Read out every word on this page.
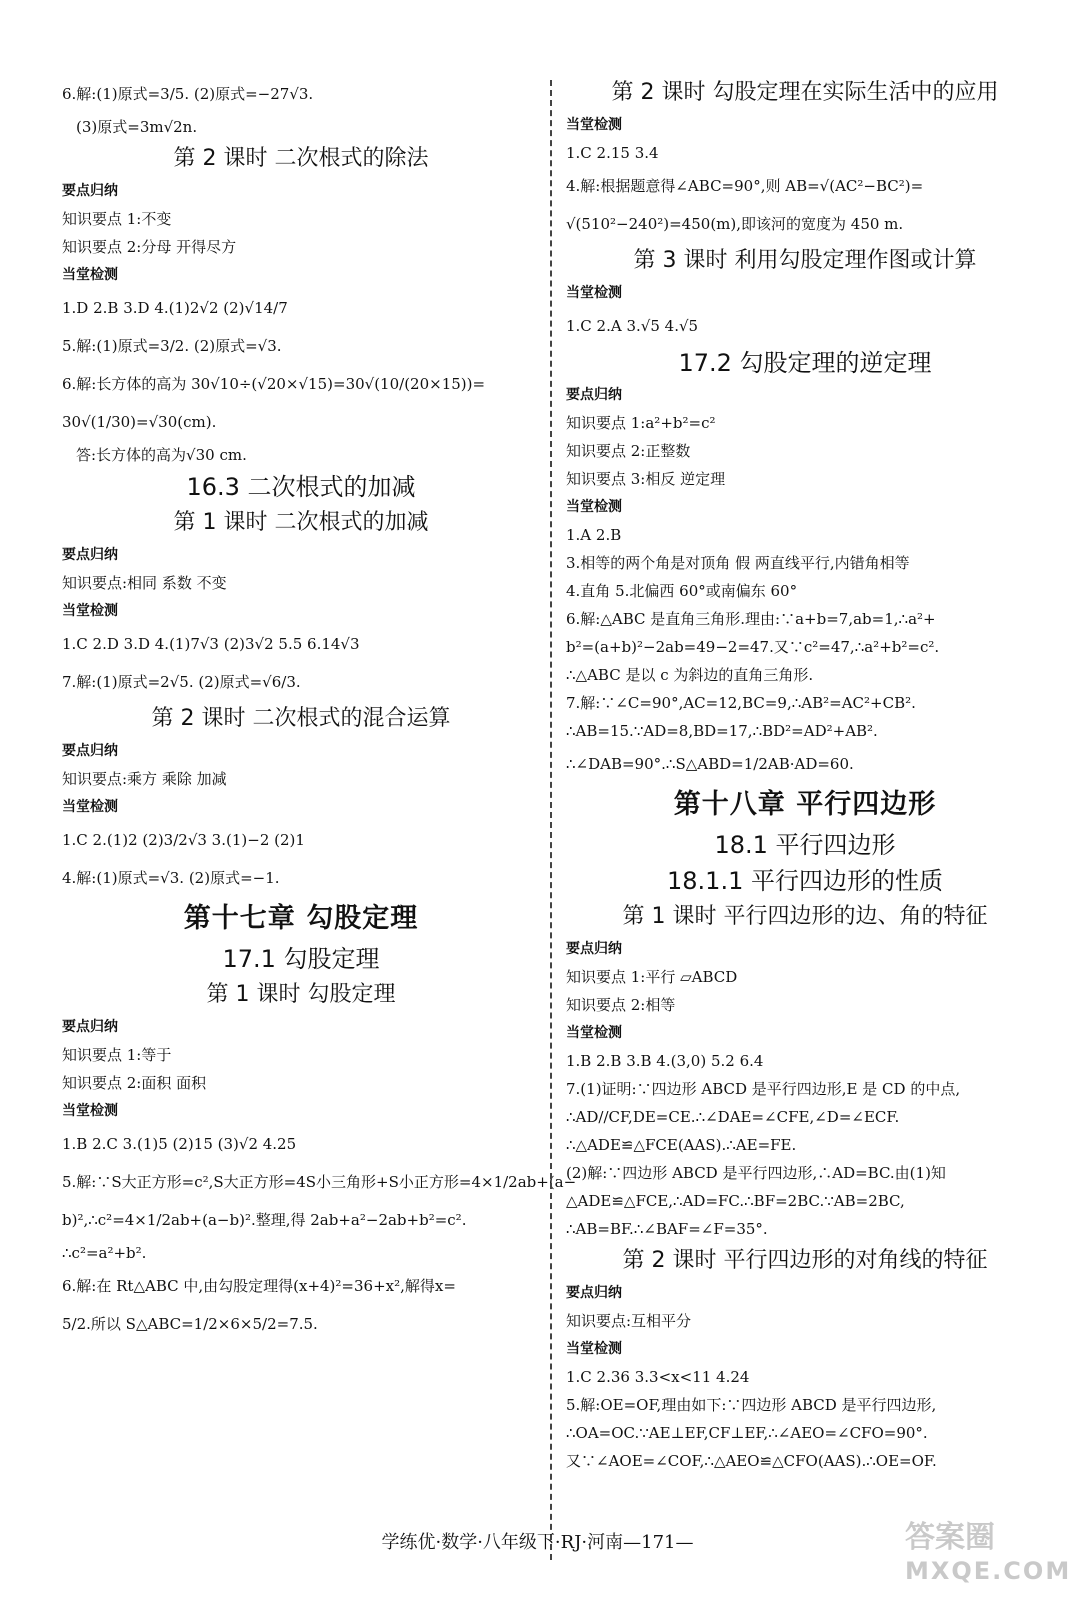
6.解:(1)原式=3/5. (2)原式=−27√3.
(3)原式=3m√2n.
第 2 课时 二次根式的除法
要点归纳
知识要点 1:不变
知识要点 2:分母 开得尽方
当堂检测
1.D 2.B 3.D 4.(1)2√2 (2)√14/7
5.解:(1)原式=3/2. (2)原式=√3.
6.解:长方体的高为 30√10÷(√20×√15)=30√(10/(20×15))=
30√(1/30)=√30(cm).
答:长方体的高为√30 cm.
16.3 二次根式的加减
第 1 课时 二次根式的加减
要点归纳
知识要点:相同 系数 不变
当堂检测
1.C 2.D 3.D 4.(1)7√3 (2)3√2 5.5 6.14√3
7.解:(1)原式=2√5. (2)原式=√6/3.
第 2 课时 二次根式的混合运算
要点归纳
知识要点:乘方 乘除 加减
当堂检测
1.C 2.(1)2 (2)3/2√3 3.(1)−2 (2)1
4.解:(1)原式=√3. (2)原式=−1.
第十七章 勾股定理
17.1 勾股定理
第 1 课时 勾股定理
要点归纳
知识要点 1:等于
知识要点 2:面积 面积
当堂检测
1.B 2.C 3.(1)5 (2)15 (3)√2 4.25
5.解:∵S大正方形=c²,S大正方形=4S小三角形+S小正方形=4×1/2ab+(a−
b)²,∴c²=4×1/2ab+(a−b)².整理,得 2ab+a²−2ab+b²=c².
∴c²=a²+b².
6.解:在 Rt△ABC 中,由勾股定理得(x+4)²=36+x²,解得x=
5/2.所以 S△ABC=1/2×6×5/2=7.5.
第 2 课时 勾股定理在实际生活中的应用
当堂检测
1.C 2.15 3.4
4.解:根据题意得∠ABC=90°,则 AB=√(AC²−BC²)=
√(510²−240²)=450(m),即该河的宽度为 450 m.
第 3 课时 利用勾股定理作图或计算
当堂检测
1.C 2.A 3.√5 4.√5
17.2 勾股定理的逆定理
要点归纳
知识要点 1:a²+b²=c²
知识要点 2:正整数
知识要点 3:相反 逆定理
当堂检测
1.A 2.B
3.相等的两个角是对顶角 假 两直线平行,内错角相等
4.直角 5.北偏西 60°或南偏东 60°
6.解:△ABC 是直角三角形.理由:∵a+b=7,ab=1,∴a²+
b²=(a+b)²−2ab=49−2=47.又∵c²=47,∴a²+b²=c².
∴△ABC 是以 c 为斜边的直角三角形.
7.解:∵∠C=90°,AC=12,BC=9,∴AB²=AC²+CB².
∴AB=15.∵AD=8,BD=17,∴BD²=AD²+AB².
∴∠DAB=90°.∴S△ABD=1/2AB·AD=60.
第十八章 平行四边形
18.1 平行四边形
18.1.1 平行四边形的性质
第 1 课时 平行四边形的边、角的特征
要点归纳
知识要点 1:平行 ▱ABCD
知识要点 2:相等
当堂检测
1.B 2.B 3.B 4.(3,0) 5.2 6.4
7.(1)证明:∵四边形 ABCD 是平行四边形,E 是 CD 的中点,
∴AD//CF,DE=CE.∴∠DAE=∠CFE,∠D=∠ECF.
∴△ADE≌△FCE(AAS).∴AE=FE.
(2)解:∵四边形 ABCD 是平行四边形,∴AD=BC.由(1)知
△ADE≌△FCE,∴AD=FC.∴BF=2BC.∵AB=2BC,
∴AB=BF.∴∠BAF=∠F=35°.
第 2 课时 平行四边形的对角线的特征
要点归纳
知识要点:互相平分
当堂检测
1.C 2.36 3.3<x<11 4.24
5.解:OE=OF,理由如下:∵四边形 ABCD 是平行四边形,
∴OA=OC.∵AE⊥EF,CF⊥EF,∴∠AEO=∠CFO=90°.
又∵∠AOE=∠COF,∴△AEO≌△CFO(AAS).∴OE=OF.
学练优·数学·八年级下·RJ·河南—171—	答案圈
MXQE.COM
